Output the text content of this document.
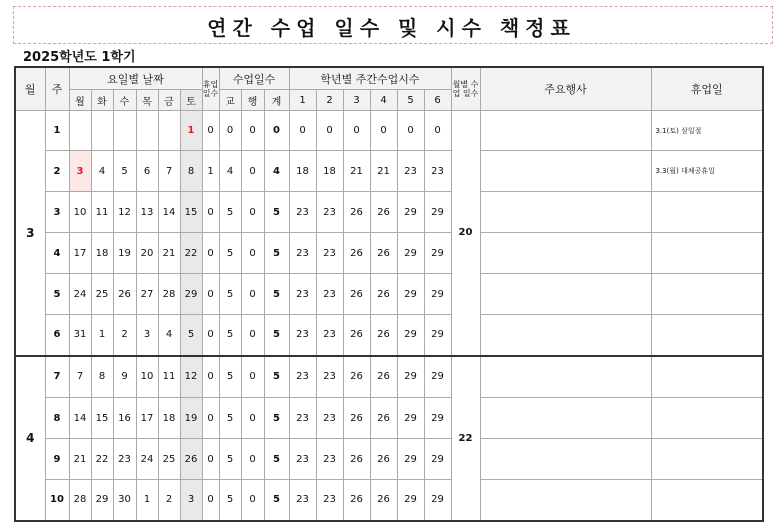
연간 수업 일수 및 시수 책정표
2025학년도 1학기
월	주	요일별 날짜						휴업일수	수업일수			학년별 주간수업시수						월별 수업 일수	주요행사	휴업일
		월	화	수	목	금	토		교	행	계	1	2	3	4	5	6			
3	1						1	0	0	0	0	0	0	0	0	0	0	20		3.1(토) 삼일절
	2	3	4	5	6	7	8	1	4	0	4	18	18	21	21	23	23			3.3(월) 대체공휴일
	3	10	11	12	13	14	15	0	5	0	5	23	23	26	26	29	29			
	4	17	18	19	20	21	22	0	5	0	5	23	23	26	26	29	29			
	5	24	25	26	27	28	29	0	5	0	5	23	23	26	26	29	29			
	6	31	1	2	3	4	5	0	5	0	5	23	23	26	26	29	29			
4	7	7	8	9	10	11	12	0	5	0	5	23	23	26	26	29	29	22		
	8	14	15	16	17	18	19	0	5	0	5	23	23	26	26	29	29			
	9	21	22	23	24	25	26	0	5	0	5	23	23	26	26	29	29			
	10	28	29	30	1	2	3	0	5	0	5	23	23	26	26	29	29			
